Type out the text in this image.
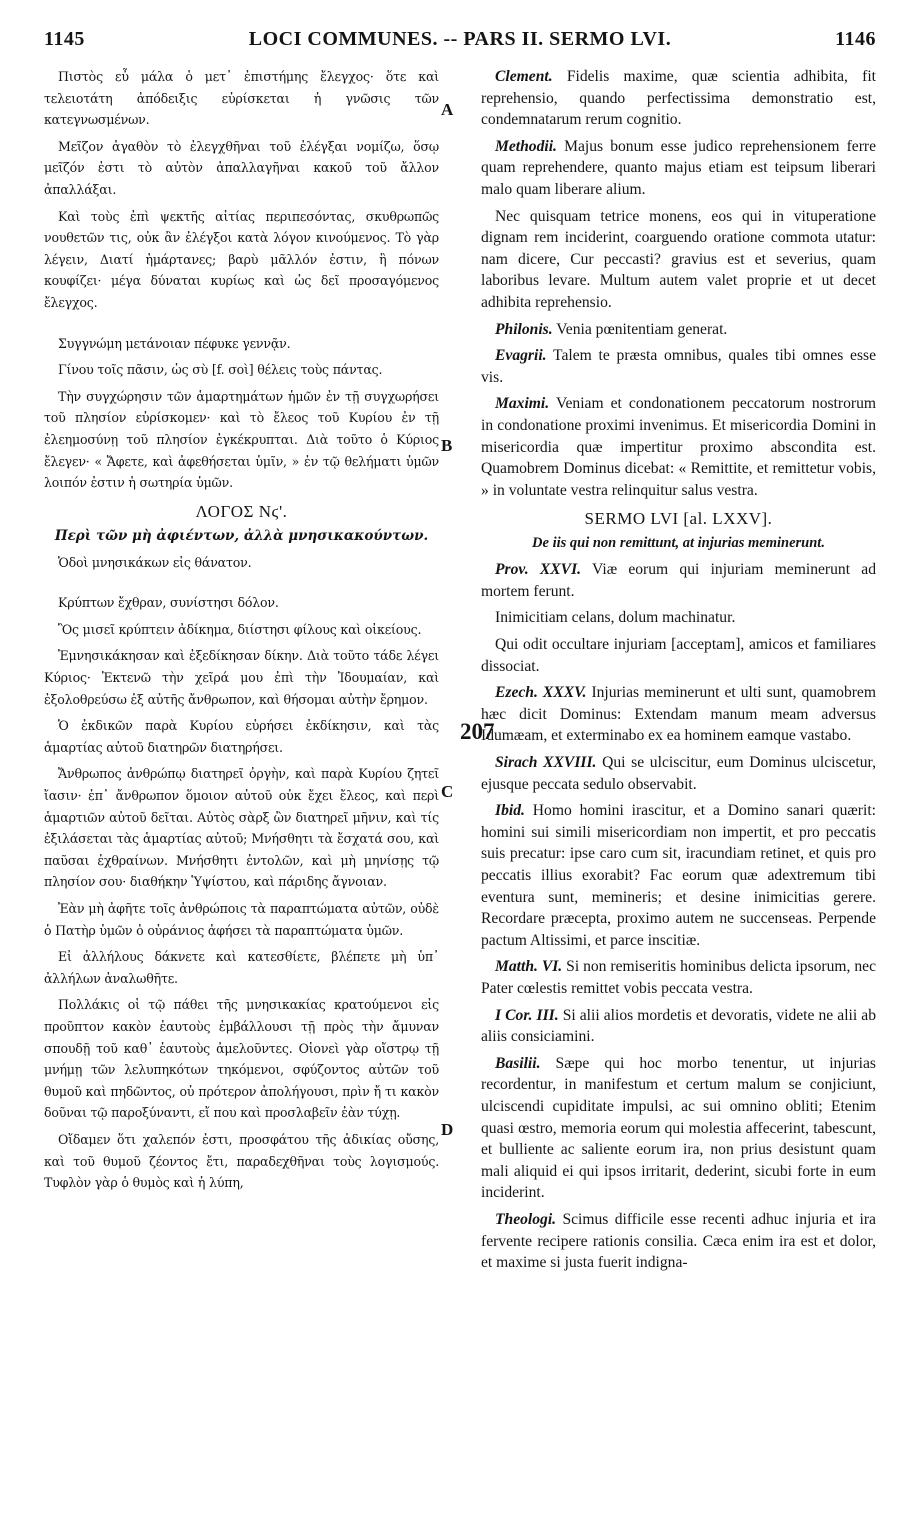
1145	LOCI COMMUNES. -- PARS II. SERMO LVI.	1146
A
B
C
D
207

Πιστὸς εὖ μάλα ὁ μετ᾽ ἐπιστήμης ἔλεγχος· ὅτε καὶ τελειοτάτη ἀπόδειξις εὑρίσκεται ἡ γνῶσις τῶν κατεγνωσμένων.

Μεῖζον ἀγαθὸν τὸ ἐλεγχθῆναι τοῦ ἐλέγξαι νομίζω, ὅσῳ μεῖζόν ἐστι τὸ αὐτὸν ἀπαλλαγῆναι κακοῦ τοῦ ἄλλον ἀπαλλάξαι.

Καὶ τοὺς ἐπὶ ψεκτῆς αἰτίας περιπεσόντας, σκυθρωπῶς νουθετῶν τις, οὐκ ἂν ἐλέγξοι κατὰ λόγον κινούμενος. Τὸ γὰρ λέγειν, Διατί ἡμάρτανες; βαρὺ μᾶλλόν ἐστιν, ἢ πόνων κουφίζει· μέγα δύναται κυρίως καὶ ὡς δεῖ προσαγόμενος ἔλεγχος.

Συγγνώμη μετάνοιαν πέφυκε γεννᾷν.

Γίνου τοῖς πᾶσιν, ὡς σὺ [f. σοὶ] θέλεις τοὺς πάντας.

Τὴν συγχώρησιν τῶν ἁμαρτημάτων ἡμῶν ἐν τῇ συγχωρήσει τοῦ πλησίον εὑρίσκομεν· καὶ τὸ ἔλεος τοῦ Κυρίου ἐν τῇ ἐλεημοσύνῃ τοῦ πλησίον ἐγκέκρυπται. Διὰ τοῦτο ὁ Κύριος ἔλεγεν· « Ἄφετε, καὶ ἀφεθήσεται ὑμῖν, » ἐν τῷ θελήματι ὑμῶν λοιπόν ἐστιν ἡ σωτηρία ὑμῶν.

ΛΟΓΟΣ Νϛ'.
Περὶ τῶν μὴ ἀφιέντων, ἀλλὰ μνησικακούντων.

Ὁδοὶ μνησικάκων εἰς θάνατον.

Κρύπτων ἔχθραν, συνίστησι δόλον.

Ὃς μισεῖ κρύπτειν ἀδίκημα, διίστησι φίλους καὶ οἰκείους.

Ἐμνησικάκησαν καὶ ἐξεδίκησαν δίκην. Διὰ τοῦτο τάδε λέγει Κύριος· Ἐκτενῶ τὴν χεῖρά μου ἐπὶ τὴν Ἰδουμαίαν, καὶ ἐξολοθρεύσω ἐξ αὐτῆς ἄνθρωπον, καὶ θήσομαι αὐτὴν ἔρημον.

Ὁ ἐκδικῶν παρὰ Κυρίου εὑρήσει ἐκδίκησιν, καὶ τὰς ἁμαρτίας αὐτοῦ διατηρῶν διατηρήσει.

Ἄνθρωπος ἀνθρώπῳ διατηρεῖ ὀργὴν, καὶ παρὰ Κυρίου ζητεῖ ἴασιν· ἐπ᾽ ἄνθρωπον ὅμοιον αὐτοῦ οὐκ ἔχει ἔλεος, καὶ περὶ ἁμαρτιῶν αὐτοῦ δεῖται. Αὐτὸς σὰρξ ὢν διατηρεῖ μῆνιν, καὶ τίς ἐξιλάσεται τὰς ἁμαρτίας αὐτοῦ; Μνήσθητι τὰ ἔσχατά σου, καὶ παῦσαι ἐχθραίνων. Μνήσθητι ἐντολῶν, καὶ μὴ μηνίσῃς τῷ πλησίον σου· διαθήκην Ὑψίστου, καὶ πάριδης ἄγνοιαν.

Ἐὰν μὴ ἀφῆτε τοῖς ἀνθρώποις τὰ παραπτώματα αὐτῶν, οὐδὲ ὁ Πατὴρ ὑμῶν ὁ οὐράνιος ἀφήσει τὰ παραπτώματα ὑμῶν.

Εἰ ἀλλήλους δάκνετε καὶ κατεσθίετε, βλέπετε μὴ ὑπ᾽ ἀλλήλων ἀναλωθῆτε.

Πολλάκις οἱ τῷ πάθει τῆς μνησικακίας κρατούμενοι εἰς προῦπτον κακὸν ἑαυτοὺς ἐμβάλλουσι τῇ πρὸς τὴν ἄμυναν σπουδῇ τοῦ καθ᾽ ἑαυτοὺς ἀμελοῦντες. Οἱονεὶ γὰρ οἴστρῳ τῇ μνήμῃ τῶν λελυπηκότων τηκόμενοι, σφύζοντος αὐτῶν τοῦ θυμοῦ καὶ πηδῶντος, οὐ πρότερον ἀπολήγουσι, πρὶν ἤ τι κακὸν δοῦναι τῷ παροξύναντι, εἴ που καὶ προσλαβεῖν ἐὰν τύχῃ.

Οἴδαμεν ὅτι χαλεπόν ἐστι, προσφάτου τῆς ἀδικίας οὔσης, καὶ τοῦ θυμοῦ ζέοντος ἔτι, παραδεχθῆναι τοὺς λογισμούς. Τυφλὸν γὰρ ὁ θυμὸς καὶ ἡ λύπη,

Clement. Fidelis maxime, quæ scientia adhibita, fit reprehensio, quando perfectissima demonstratio est, condemnatarum rerum cognitio.

Methodii. Majus bonum esse judico reprehensionem ferre quam reprehendere, quanto majus etiam est teipsum liberari malo quam liberare alium.

Nec quisquam tetrice monens, eos qui in vituperatione dignam rem inciderint, coarguendo oratione commota utatur: nam dicere, Cur peccasti? gravius est et severius, quam laboribus levare. Multum autem valet proprie et ut decet adhibita reprehensio.

Philonis. Venia pœnitentiam generat.

Evagrii. Talem te præsta omnibus, quales tibi omnes esse vis.

Maximi. Veniam et condonationem peccatorum nostrorum in condonatione proximi invenimus. Et misericordia Domini in misericordia quæ impertitur proximo abscondita est. Quamobrem Dominus dicebat: « Remittite, et remittetur vobis, » in voluntate vestra relinquitur salus vestra.

SERMO LVI [al. LXXV].
De iis qui non remittunt, at injurias meminerunt.

Prov. XXVI. Viæ eorum qui injuriam meminerunt ad mortem ferunt.

Inimicitiam celans, dolum machinatur.

Qui odit occultare injuriam [acceptam], amicos et familiares dissociat.

Ezech. XXXV. Injurias meminerunt et ulti sunt, quamobrem hæc dicit Dominus: Extendam manum meam adversus Idumæam, et exterminabo ex ea hominem eamque vastabo.

Sirach XXVIII. Qui se ulciscitur, eum Dominus ulciscetur, ejusque peccata sedulo observabit.

Ibid. Homo homini irascitur, et a Domino sanari quærit: homini sui simili misericordiam non impertit, et pro peccatis suis precatur: ipse caro cum sit, iracundiam retinet, et quis pro peccatis illius exorabit? Fac eorum quæ adextremum tibi eventura sunt, memineris; et desine inimicitias gerere. Recordare præcepta, proximo autem ne succenseas. Perpende pactum Altissimi, et parce inscitiæ.

Matth. VI. Si non remiseritis hominibus delicta ipsorum, nec Pater cœlestis remittet vobis peccata vestra.

I Cor. III. Si alii alios mordetis et devoratis, videte ne alii ab aliis consiciamini.

Basilii. Sæpe qui hoc morbo tenentur, ut injurias recordentur, in manifestum et certum malum se conjiciunt, ulciscendi cupiditate impulsi, ac sui omnino obliti; Etenim quasi œstro, memoria eorum qui molestia affecerint, tabescunt, et bulliente ac saliente eorum ira, non prius desistunt quam mali aliquid ei qui ipsos irritarit, dederint, sicubi forte in eum inciderint.

Theologi. Scimus difficile esse recenti adhuc injuria et ira fervente recipere rationis consilia. Cæca enim ira est et dolor, et maxime si justa fuerit indigna-
